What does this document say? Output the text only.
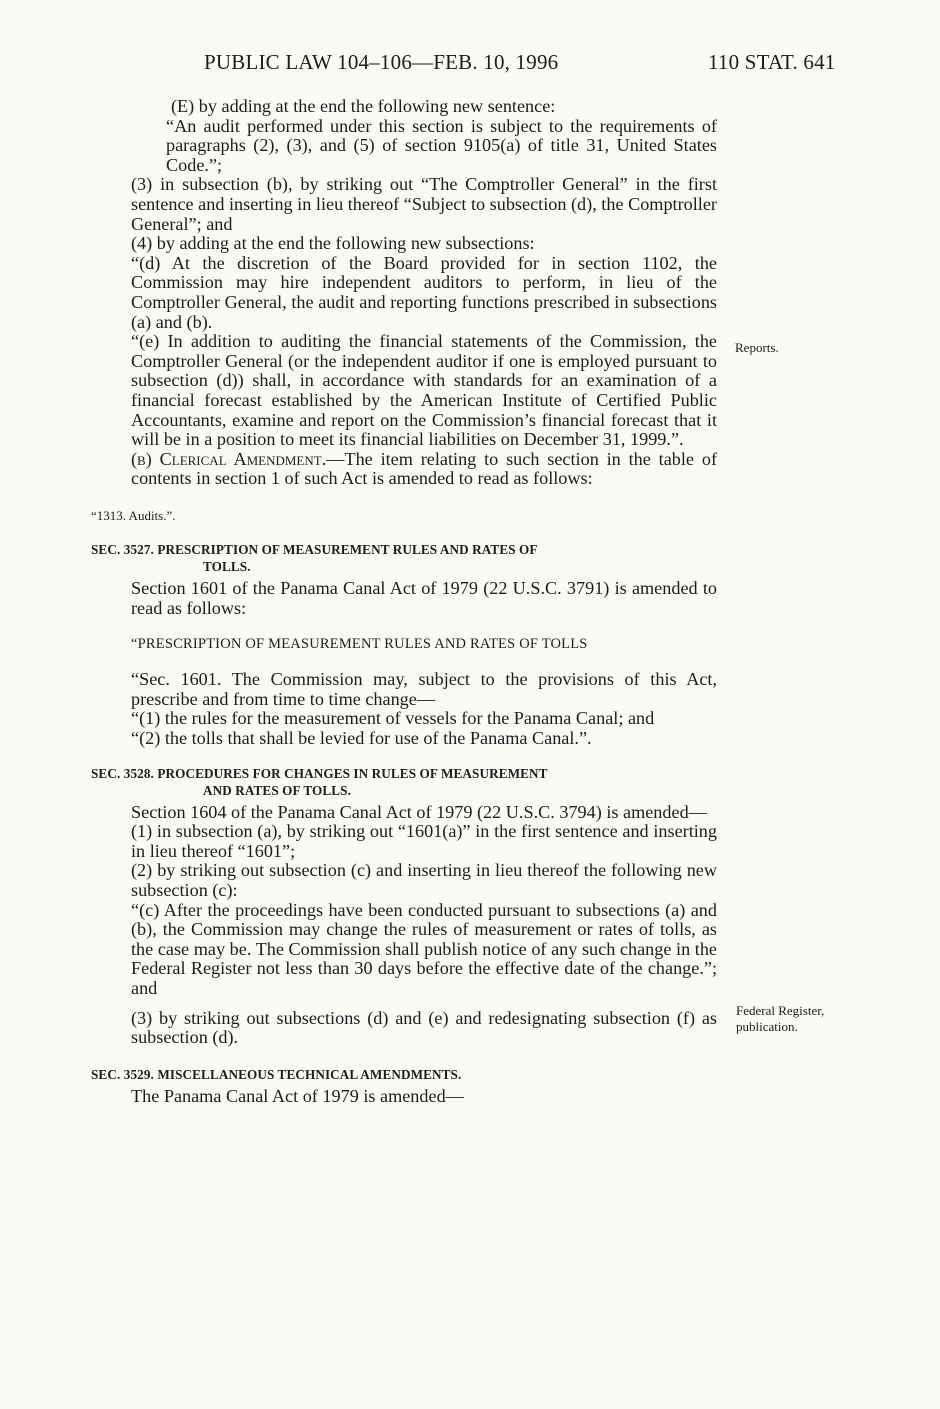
PUBLIC LAW 104–106—FEB. 10, 1996	110 STAT. 641
Reports.
Federal Register,
publication.

(E) by adding at the end the following new sentence:

“An audit performed under this section is subject to the requirements of paragraphs (2), (3), and (5) of section 9105(a) of title 31, United States Code.”;

(3) in subsection (b), by striking out “The Comptroller General” in the first sentence and inserting in lieu thereof “Subject to subsection (d), the Comptroller General”; and

(4) by adding at the end the following new subsections:

“(d) At the discretion of the Board provided for in section 1102, the Commission may hire independent auditors to perform, in lieu of the Comptroller General, the audit and reporting functions prescribed in subsections (a) and (b).

“(e) In addition to auditing the financial statements of the Commission, the Comptroller General (or the independent auditor if one is employed pursuant to subsection (d)) shall, in accordance with standards for an examination of a financial forecast established by the American Institute of Certified Public Accountants, examine and report on the Commission’s financial forecast that it will be in a position to meet its financial liabilities on December 31, 1999.”.

(b) Clerical Amendment.—The item relating to such section in the table of contents in section 1 of such Act is amended to read as follows:

“1313. Audits.”.

SEC. 3527. PRESCRIPTION OF MEASUREMENT RULES AND RATES OF
TOLLS.

Section 1601 of the Panama Canal Act of 1979 (22 U.S.C. 3791) is amended to read as follows:

“PRESCRIPTION OF MEASUREMENT RULES AND RATES OF TOLLS

“Sec. 1601. The Commission may, subject to the provisions of this Act, prescribe and from time to time change—

“(1) the rules for the measurement of vessels for the Panama Canal; and

“(2) the tolls that shall be levied for use of the Panama Canal.”.

SEC. 3528. PROCEDURES FOR CHANGES IN RULES OF MEASUREMENT
AND RATES OF TOLLS.

Section 1604 of the Panama Canal Act of 1979 (22 U.S.C. 3794) is amended—

(1) in subsection (a), by striking out “1601(a)” in the first sentence and inserting in lieu thereof “1601”;

(2) by striking out subsection (c) and inserting in lieu thereof the following new subsection (c):

“(c) After the proceedings have been conducted pursuant to subsections (a) and (b), the Commission may change the rules of measurement or rates of tolls, as the case may be. The Commission shall publish notice of any such change in the Federal Register not less than 30 days before the effective date of the change.”; and

(3) by striking out subsections (d) and (e) and redesignating subsection (f) as subsection (d).

SEC. 3529. MISCELLANEOUS TECHNICAL AMENDMENTS.

The Panama Canal Act of 1979 is amended—
